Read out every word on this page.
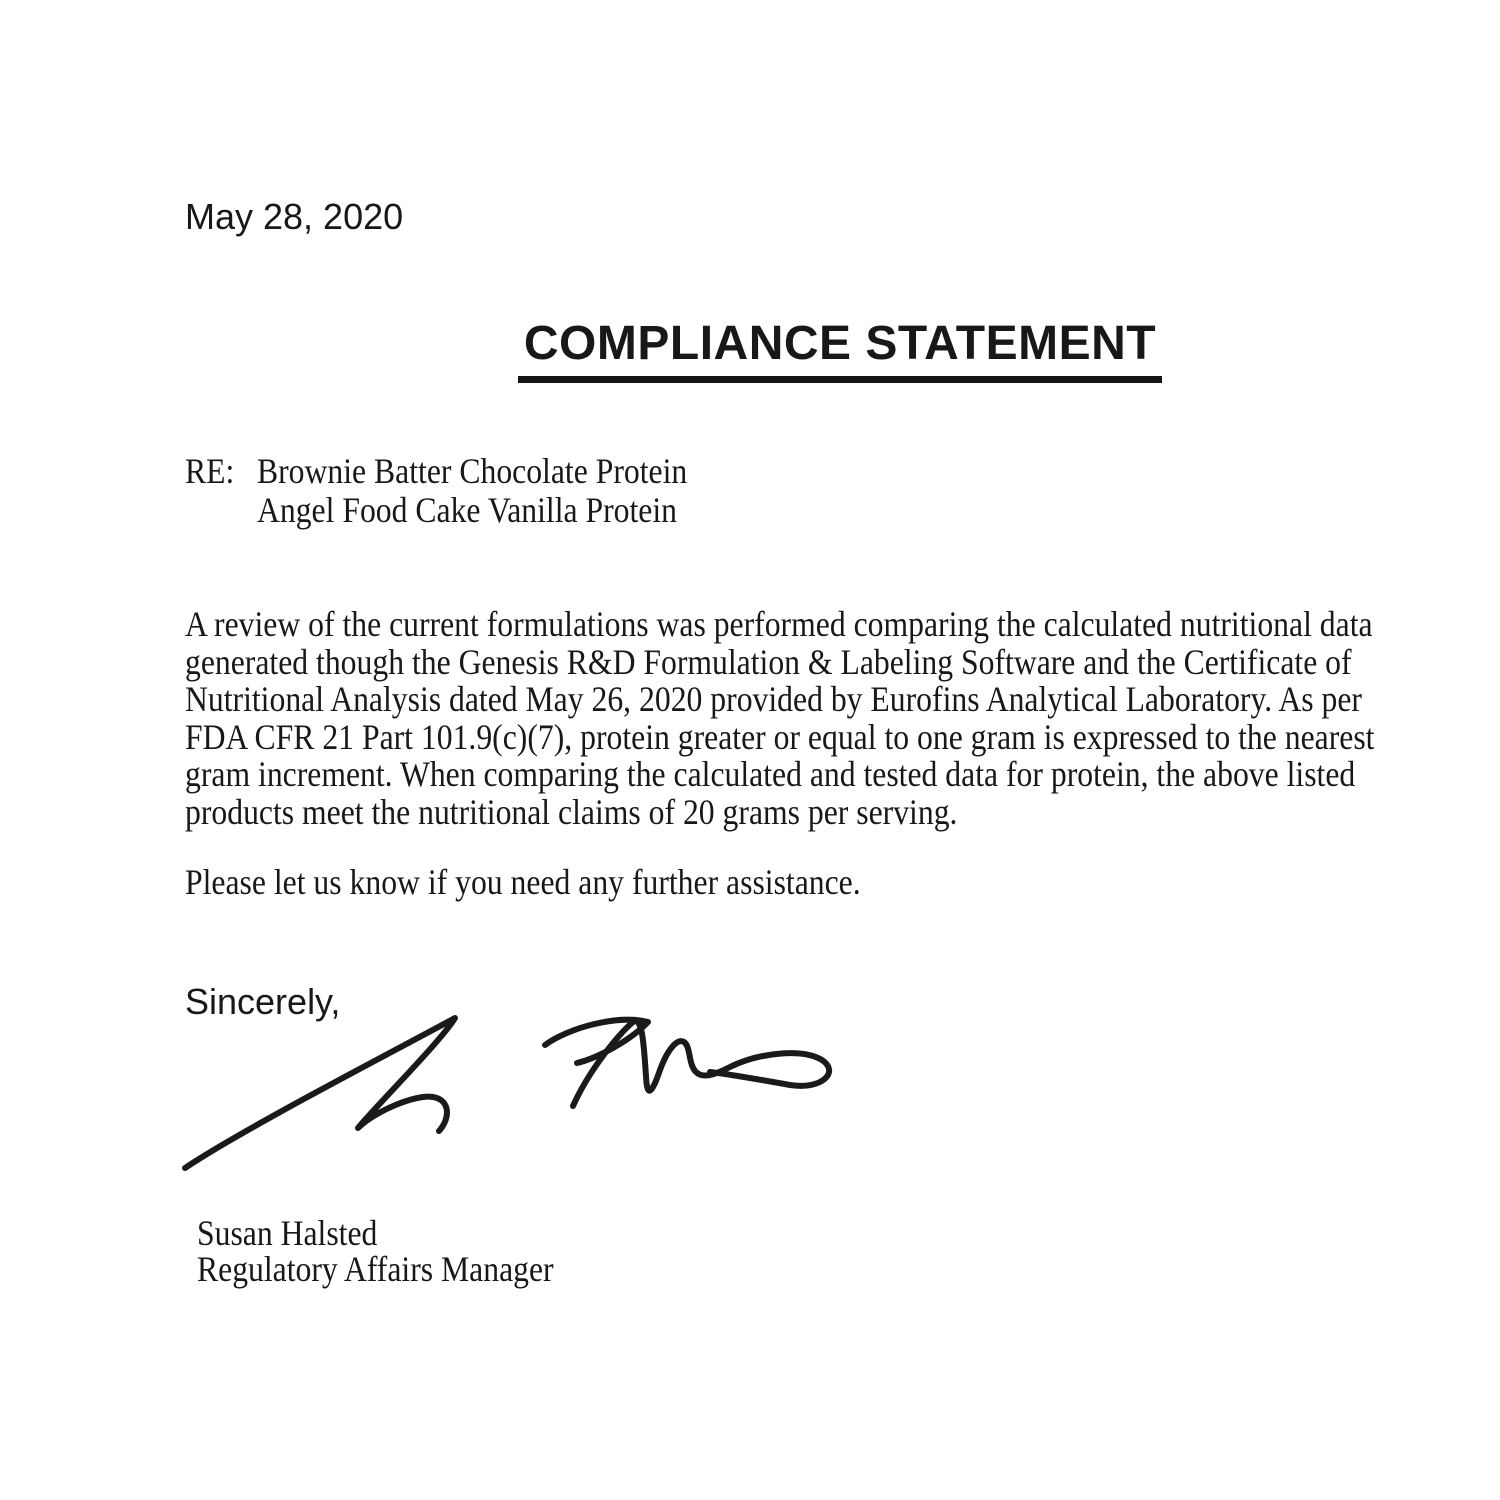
May 28, 2020
COMPLIANCE STATEMENT
RE: Brownie Batter Chocolate Protein
Angel Food Cake Vanilla Protein
A review of the current formulations was performed comparing the calculated nutritional data
generated though the Genesis R&D Formulation & Labeling Software and the Certificate of
Nutritional Analysis dated May 26, 2020 provided by Eurofins Analytical Laboratory. As per
FDA CFR 21 Part 101.9(c)(7), protein greater or equal to one gram is expressed to the nearest
gram increment. When comparing the calculated and tested data for protein, the above listed
products meet the nutritional claims of 20 grams per serving.
Please let us know if you need any further assistance.
Sincerely,
Susan Halsted
Regulatory Affairs Manager
